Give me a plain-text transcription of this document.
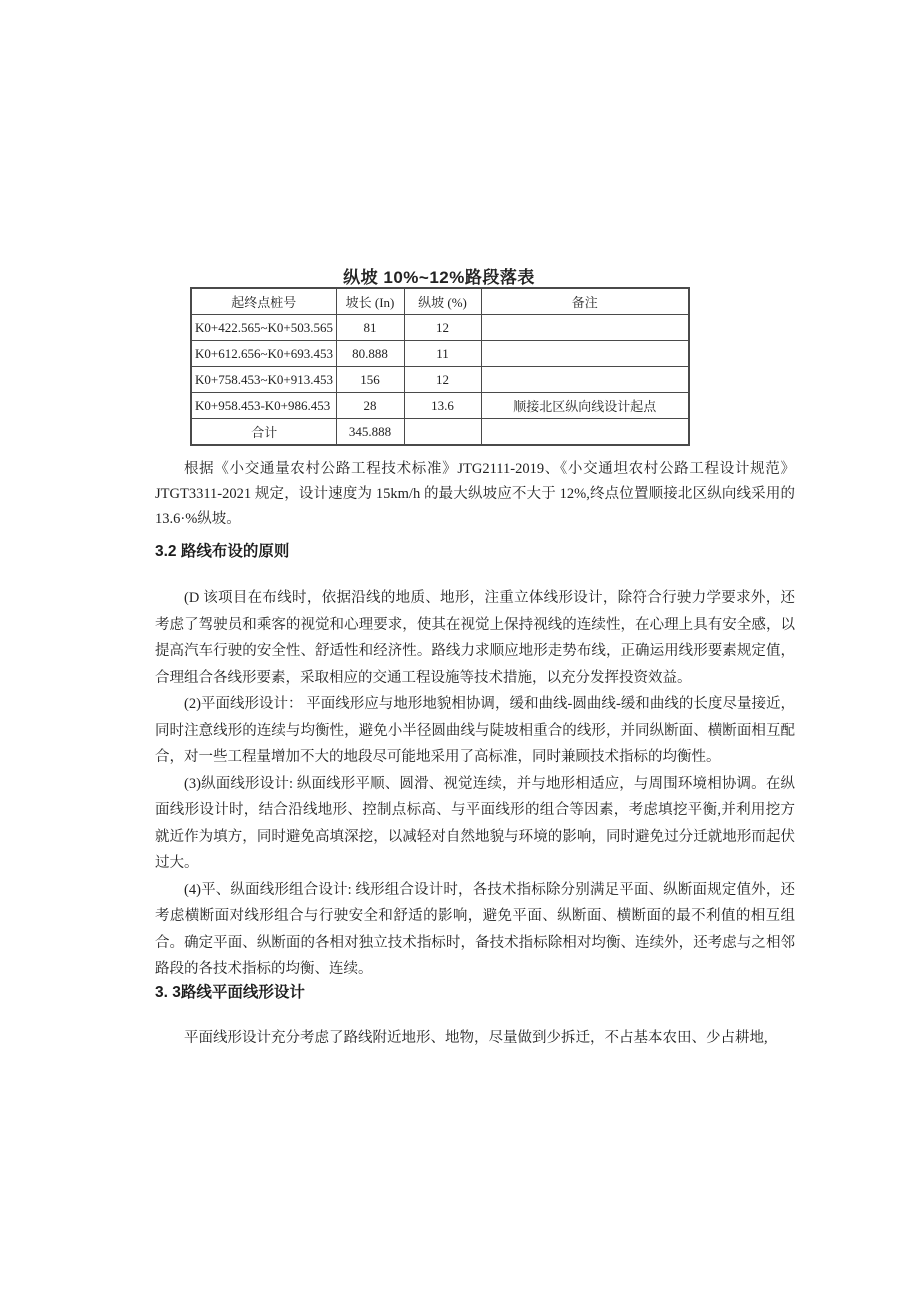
纵坡 10%~12%路段落表
起终点桩号	坡长 (In)	纵坡 (%)	备注
K0+422.565~K0+503.565	81	12	
K0+612.656~K0+693.453	80.888	11	
K0+758.453~K0+913.453	156	12	
K0+958.453-K0+986.453	28	13.6	顺接北区纵向线设计起点
合计	345.888		

根据《小交通量农村公路工程技术标准》JTG2111-2019、《小交通坦农村公路工程设计规范》JTGT3311-2021 规定，设计速度为 15km/h 的最大纵坡应不大于 12%,终点位置顺接北区纵向线采用的 13.6·%纵坡。

3.2 路线布设的原则

(D 该项目在布线时，依据沿线的地质、地形，注重立体线形设计，除符合行驶力学要求外，还考虑了驾驶员和乘客的视觉和心理要求，使其在视觉上保持视线的连续性，在心理上具有安全感，以提高汽车行驶的安全性、舒适性和经济性。路线力求顺应地形走势布线，正确运用线形要素规定值，合理组合各线形要素，采取相应的交通工程设施等技术措施，以充分发挥投资效益。

(2)平面线形设计： 平面线形应与地形地貌相协调，缓和曲线-圆曲线-缓和曲线的长度尽量接近，同时注意线形的连续与均衡性，避免小半径圆曲线与陡坡相重合的线形，并同纵断面、横断面相互配合，对一些工程量增加不大的地段尽可能地采用了高标准，同时兼顾技术指标的均衡性。

(3)纵面线形设计: 纵面线形平顺、圆滑、视觉连续，并与地形相适应，与周围环境相协调。在纵面线形设计时，结合沿线地形、控制点标高、与平面线形的组合等因素，考虑填挖平衡,并利用挖方就近作为填方，同时避免高填深挖，以减轻对自然地貌与环境的影响，同时避免过分迁就地形而起伏过大。

(4)平、纵面线形组合设计: 线形组合设计时，各技术指标除分别满足平面、纵断面规定值外，还考虑横断面对线形组合与行驶安全和舒适的影响，避免平面、纵断面、横断面的最不利值的相互组合。确定平面、纵断面的各相对独立技术指标时，备技术指标除相对均衡、连续外，还考虑与之相邻路段的各技术指标的均衡、连续。

3. 3路线平面线形设计

平面线形设计充分考虑了路线附近地形、地物，尽量做到少拆迁，不占基本农田、少占耕地,
